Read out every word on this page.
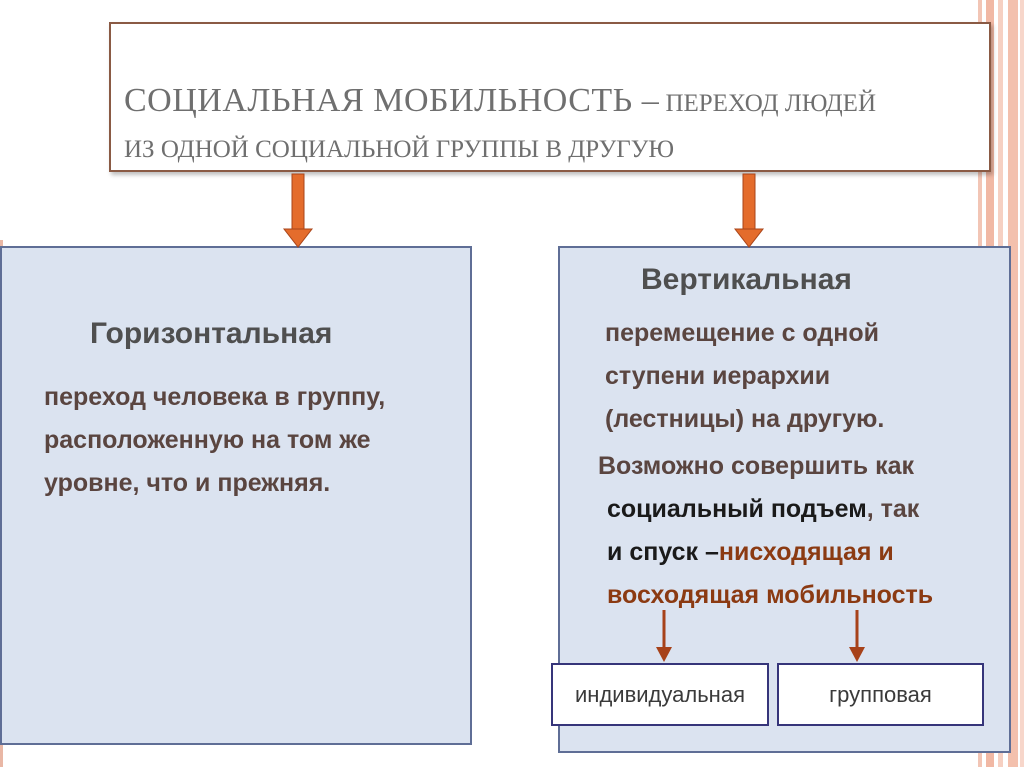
СОЦИАЛЬНАЯ МОБИЛЬНОСТЬ – ПЕРЕХОД ЛЮДЕЙ
ИЗ ОДНОЙ СОЦИАЛЬНОЙ ГРУППЫ В ДРУГУЮ
Горизонтальная
переход человека в группу, расположенную на том же уровне, что и прежняя.
Вертикальная
перемещение с одной ступени иерархии (лестницы) на другую.
Возможно совершить как
социальный подъем, так
и спуск –нисходящая и
восходящая мобильность
индивидуальная	групповая
